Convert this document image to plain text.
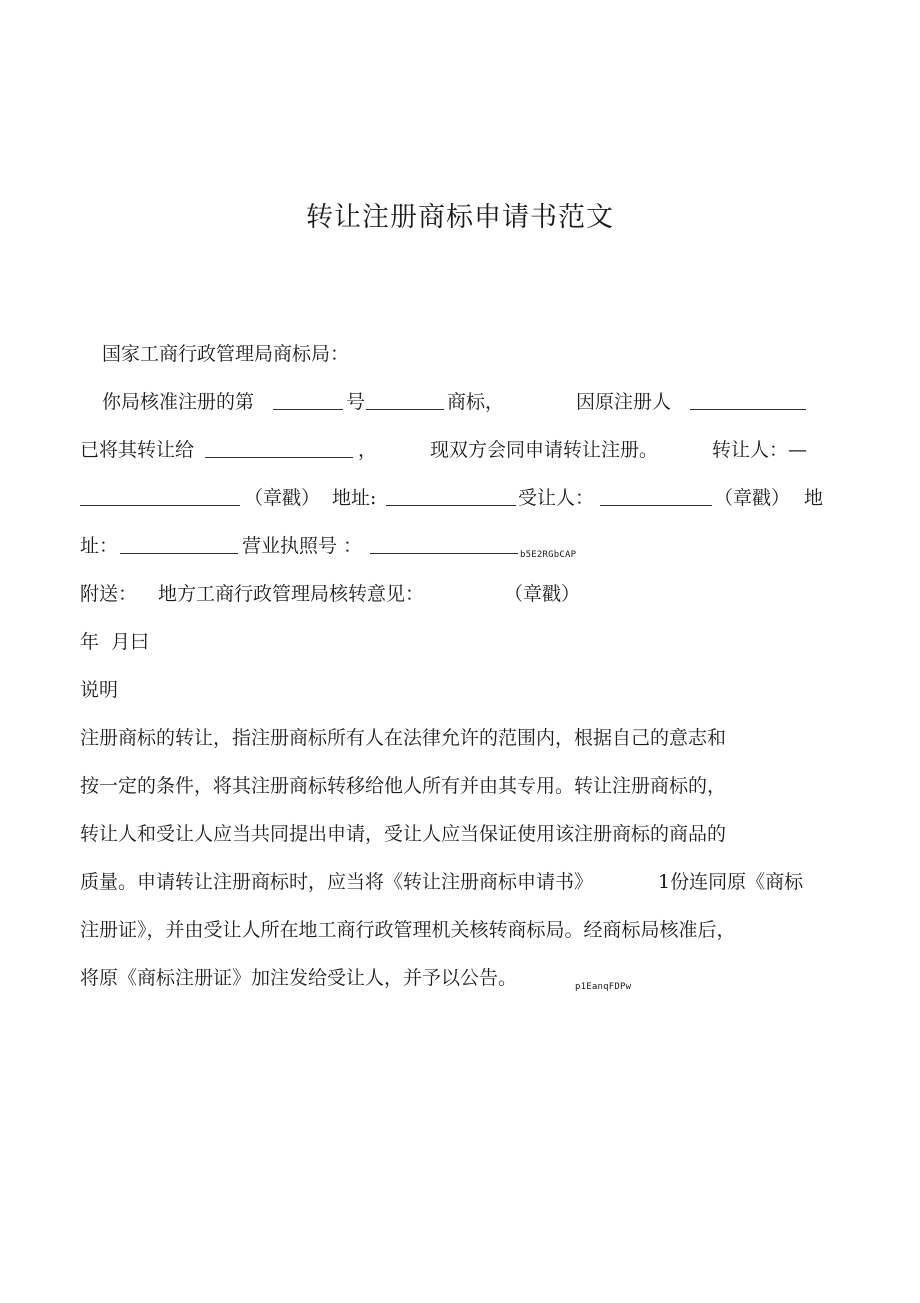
转让注册商标申请书范文
国家工商行政管理局商标局：
你局核准注册的第	号	商标，	因原注册人
已将其转让给	，	现双方会同申请转让注册。	转让人：—
（章戳） 地址:	受让人：	（章戳） 地
址：	营业执照号 ：	b5E2RGbCAP
附送： 地方工商行政管理局核转意见：	（章戳）
年  月曰
说明
注册商标的转让，指注册商标所有人在法律允许的范围内，根据自己的意志和
按一定的条件，将其注册商标转移给他人所有并由其专用。转让注册商标的，
转让人和受让人应当共同提出申请，受让人应当保证使用该注册商标的商品的
质量。申请转让注册商标时，应当将《转让注册商标申请书》	1份连同原《商标
注册证》，并由受让人所在地工商行政管理机关核转商标局。经商标局核准后，
将原《商标注册证》加注发给受让人，并予以公告。	p1EanqFDPw
